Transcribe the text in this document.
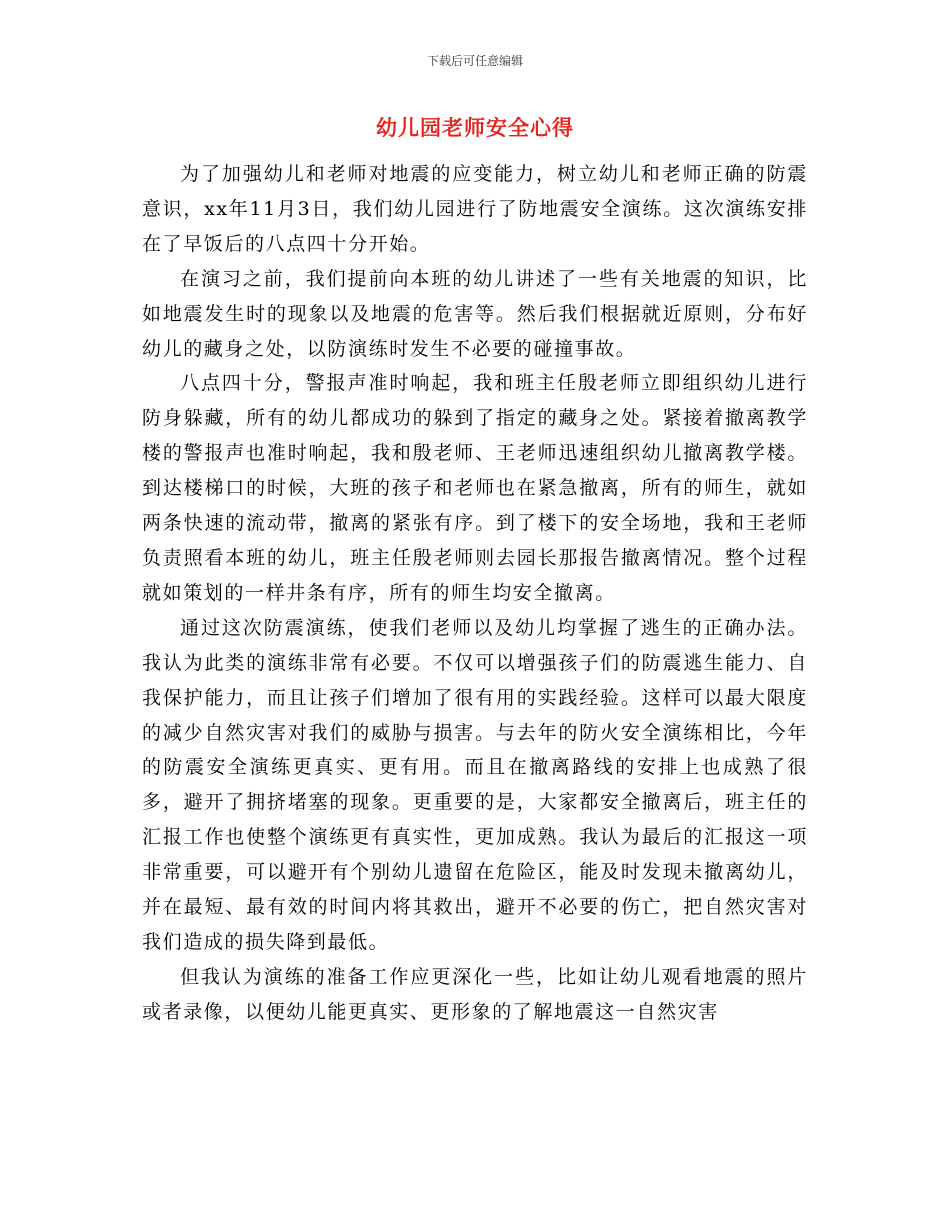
下载后可任意编辑
幼儿园老师安全心得

为了加强幼儿和老师对地震的应变能力，树立幼儿和老师正确的防震意识，xx年11月3日，我们幼儿园进行了防地震安全演练。这次演练安排在了早饭后的八点四十分开始。

在演习之前，我们提前向本班的幼儿讲述了一些有关地震的知识，比如地震发生时的现象以及地震的危害等。然后我们根据就近原则，分布好幼儿的藏身之处，以防演练时发生不必要的碰撞事故。

八点四十分，警报声准时响起，我和班主任殷老师立即组织幼儿进行防身躲藏，所有的幼儿都成功的躲到了指定的藏身之处。紧接着撤离教学楼的警报声也准时响起，我和殷老师、王老师迅速组织幼儿撤离教学楼。到达楼梯口的时候，大班的孩子和老师也在紧急撤离，所有的师生，就如两条快速的流动带，撤离的紧张有序。到了楼下的安全场地，我和王老师负责照看本班的幼儿，班主任殷老师则去园长那报告撤离情况。整个过程就如策划的一样井条有序，所有的师生均安全撤离。

通过这次防震演练，使我们老师以及幼儿均掌握了逃生的正确办法。我认为此类的演练非常有必要。不仅可以增强孩子们的防震逃生能力、自我保护能力，而且让孩子们增加了很有用的实践经验。这样可以最大限度的减少自然灾害对我们的威胁与损害。与去年的防火安全演练相比，今年的防震安全演练更真实、更有用。而且在撤离路线的安排上也成熟了很多，避开了拥挤堵塞的现象。更重要的是，大家都安全撤离后，班主任的汇报工作也使整个演练更有真实性，更加成熟。我认为最后的汇报这一项非常重要，可以避开有个别幼儿遗留在危险区，能及时发现未撤离幼儿，并在最短、最有效的时间内将其救出，避开不必要的伤亡，把自然灾害对我们造成的损失降到最低。

但我认为演练的准备工作应更深化一些，比如让幼儿观看地震的照片或者录像，以便幼儿能更真实、更形象的了解地震这一自然灾害
